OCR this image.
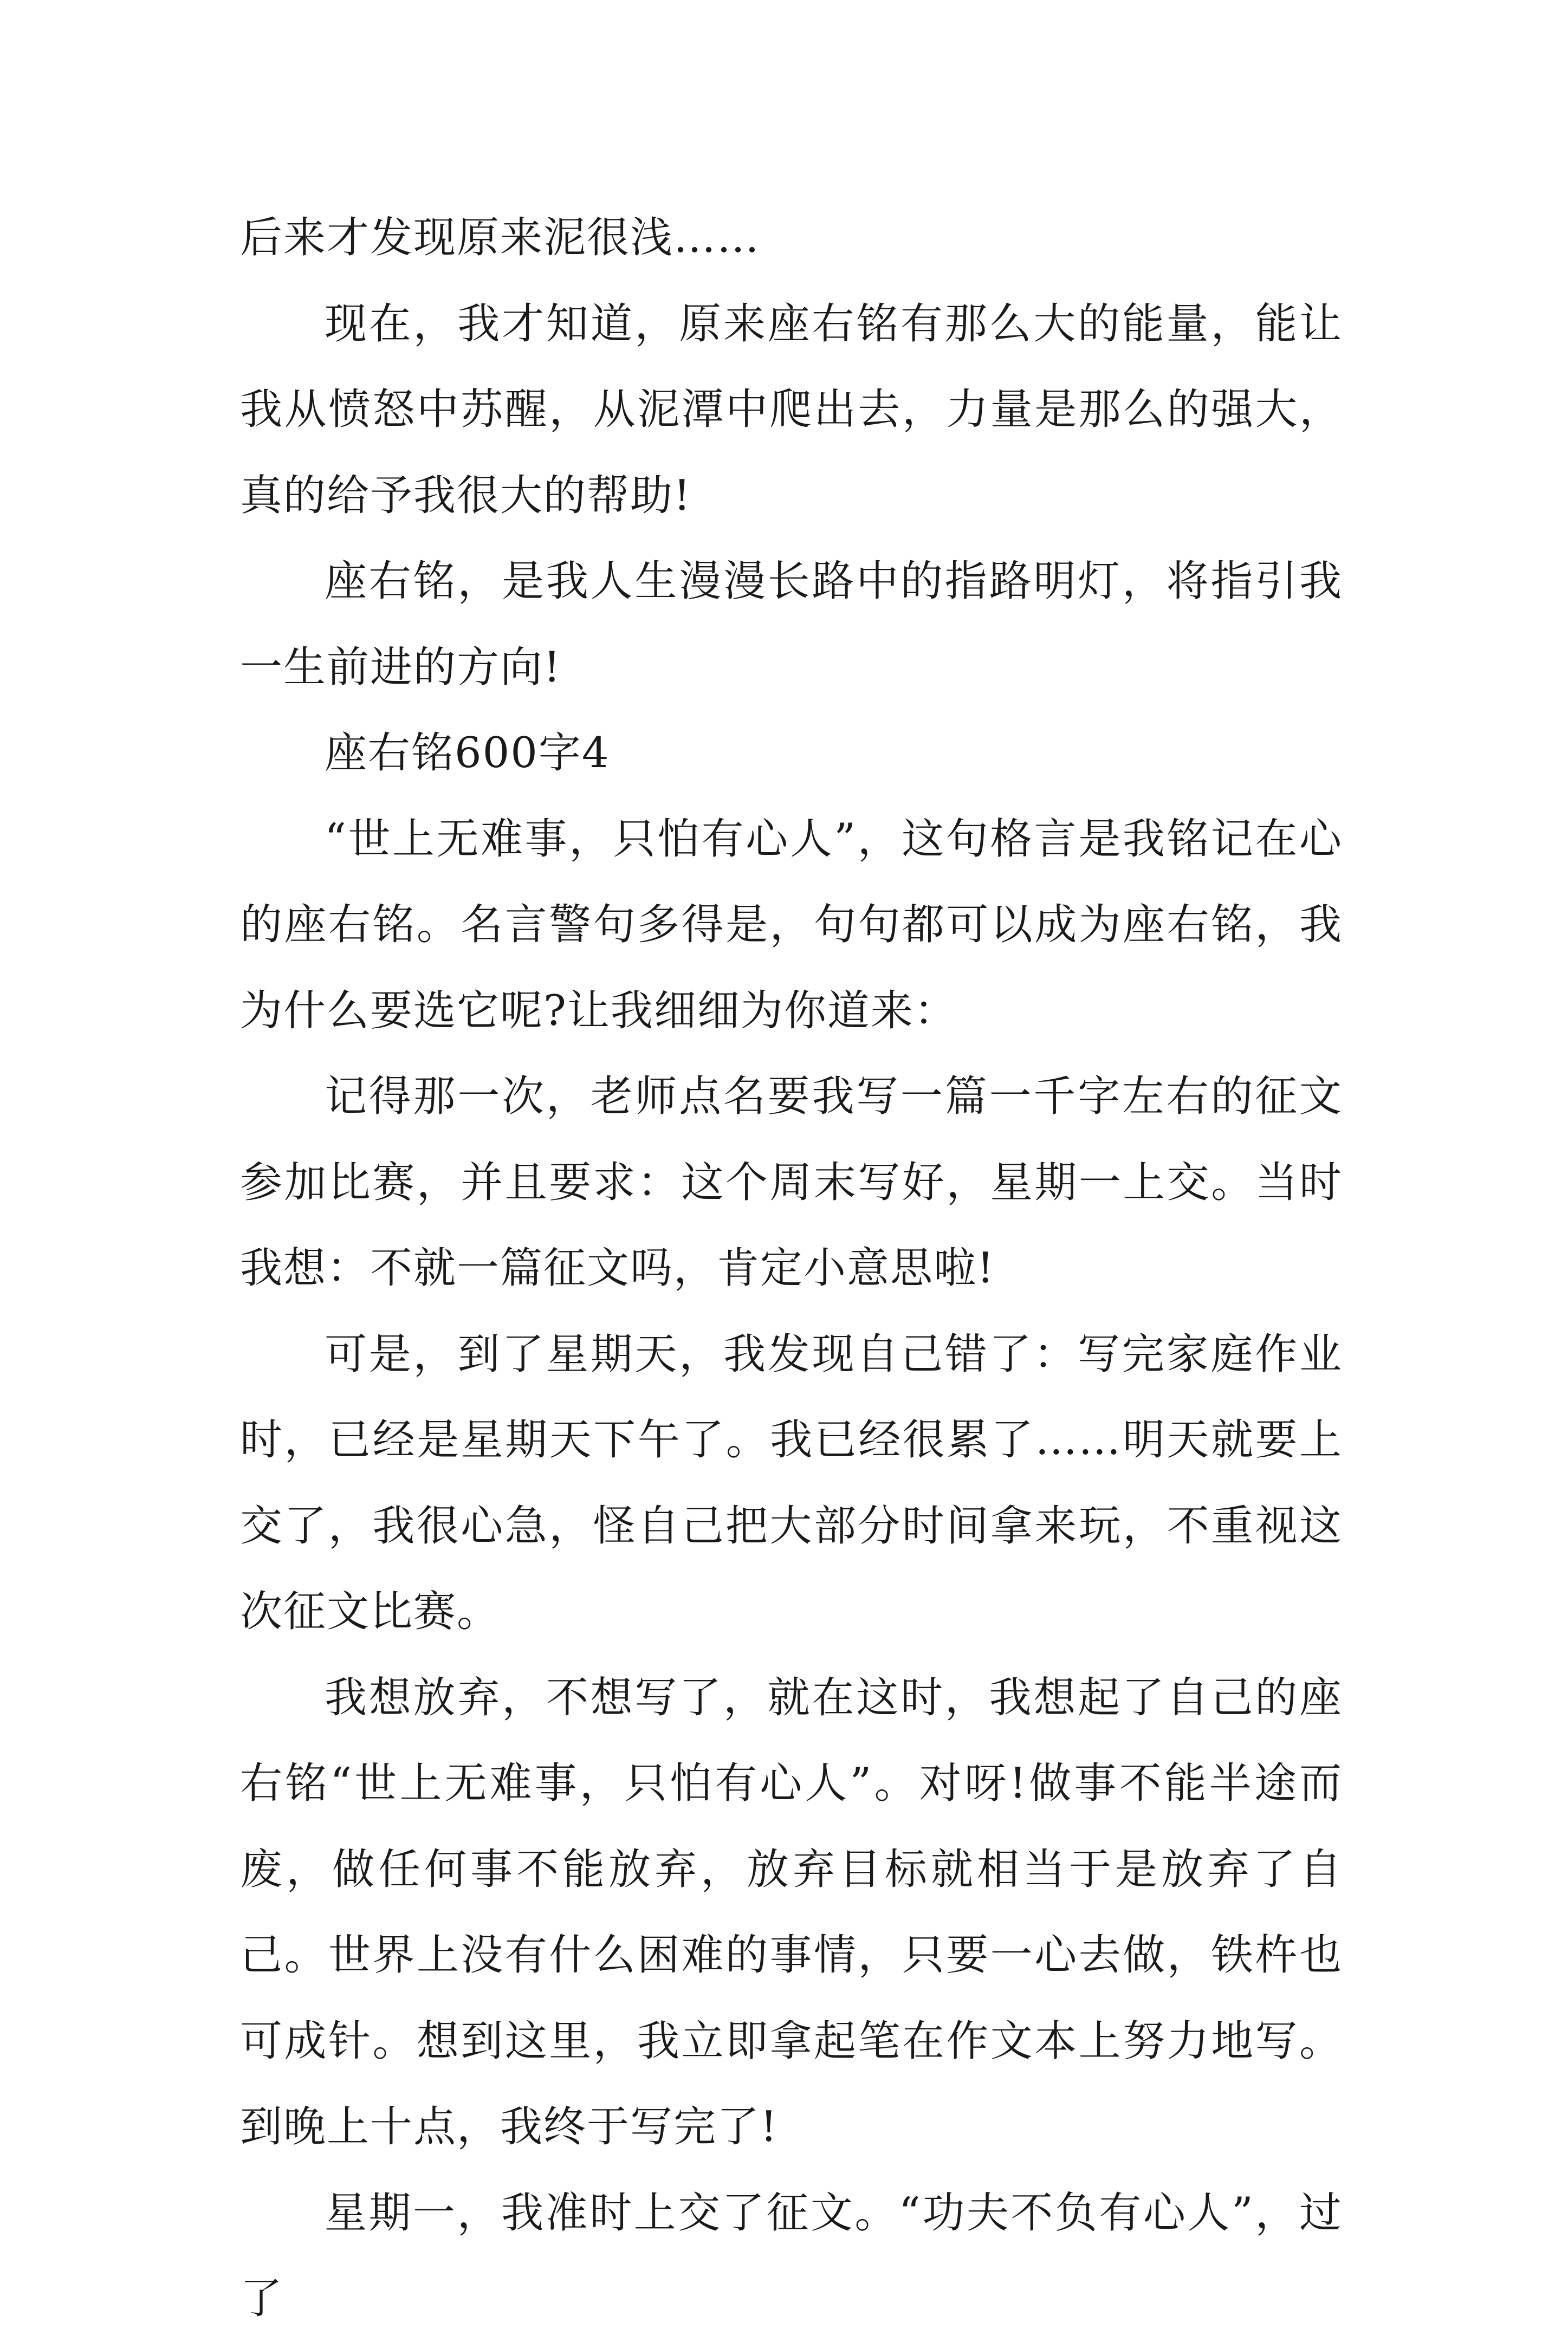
后来才发现原来泥很浅……

现在，我才知道，原来座右铭有那么大的能量，能让我从愤怒中苏醒，从泥潭中爬出去，力量是那么的强大，真的给予我很大的帮助!

座右铭，是我人生漫漫长路中的指路明灯，将指引我一生前进的方向!

座右铭600字4

“世上无难事，只怕有心人”，这句格言是我铭记在心的座右铭。名言警句多得是，句句都可以成为座右铭，我为什么要选它呢?让我细细为你道来：

记得那一次，老师点名要我写一篇一千字左右的征文参加比赛，并且要求：这个周末写好，星期一上交。当时我想：不就一篇征文吗，肯定小意思啦!

可是，到了星期天，我发现自己错了：写完家庭作业时，已经是星期天下午了。我已经很累了……明天就要上交了，我很心急，怪自己把大部分时间拿来玩，不重视这次征文比赛。

我想放弃，不想写了，就在这时，我想起了自己的座右铭“世上无难事，只怕有心人”。对呀!做事不能半途而废，做任何事不能放弃，放弃目标就相当于是放弃了自己。世界上没有什么困难的事情，只要一心去做，铁杵也可成针。想到这里，我立即拿起笔在作文本上努力地写。到晚上十点，我终于写完了!

星期一，我准时上交了征文。“功夫不负有心人”，过了
